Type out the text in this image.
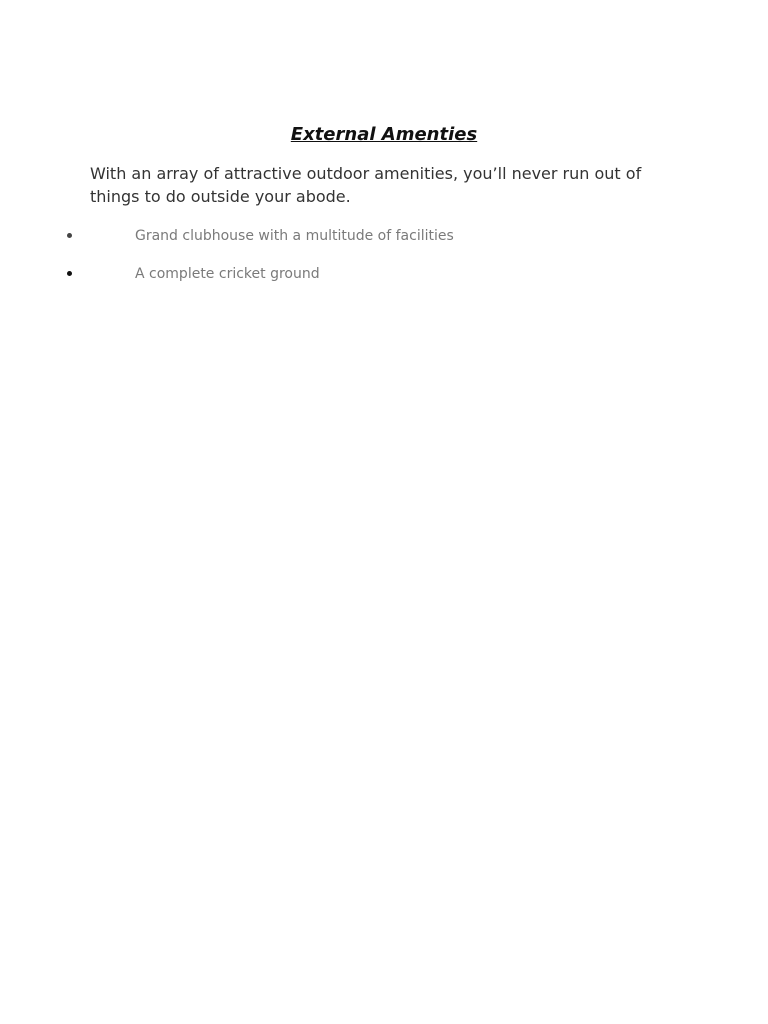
External Amenties

With an array of attractive outdoor amenities, you’ll never run out of things to do outside your abode.

Grand clubhouse with a multitude of facilities
A complete cricket ground
